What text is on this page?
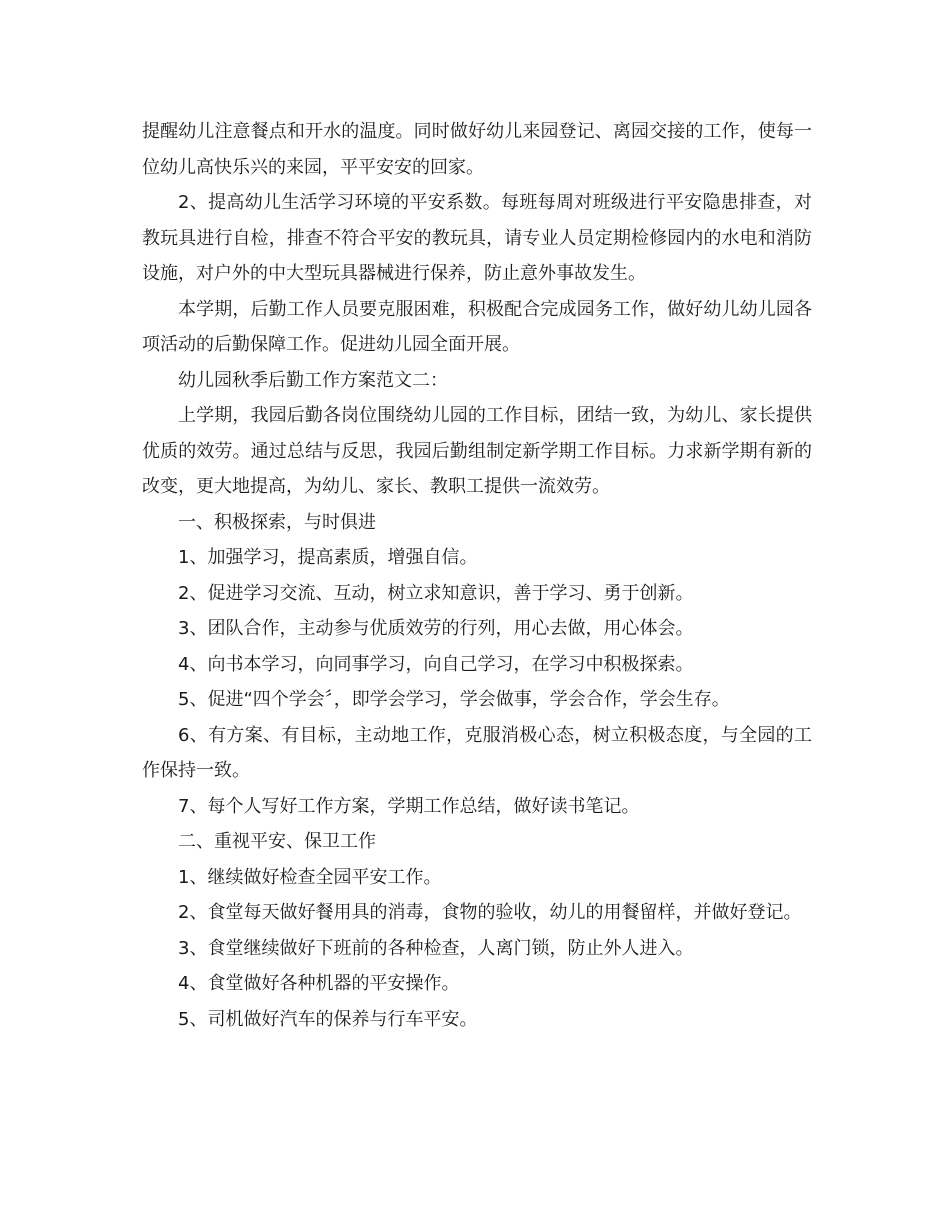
提醒幼儿注意餐点和开水的温度。同时做好幼儿来园登记、离园交接的工作，使每一位幼儿高快乐兴的来园，平平安安的回家。

2、提高幼儿生活学习环境的平安系数。每班每周对班级进行平安隐患排查，对教玩具进行自检，排查不符合平安的教玩具，请专业人员定期检修园内的水电和消防设施，对户外的中大型玩具器械进行保养，防止意外事故发生。

本学期，后勤工作人员要克服困难，积极配合完成园务工作，做好幼儿幼儿园各项活动的后勤保障工作。促进幼儿园全面开展。

幼儿园秋季后勤工作方案范文二：

上学期，我园后勤各岗位围绕幼儿园的工作目标，团结一致，为幼儿、家长提供优质的效劳。通过总结与反思，我园后勤组制定新学期工作目标。力求新学期有新的改变，更大地提高，为幼儿、家长、教职工提供一流效劳。

一、积极探索，与时俱进

1、加强学习，提高素质，增强自信。

2、促进学习交流、互动，树立求知意识，善于学习、勇于创新。

3、团队合作，主动参与优质效劳的行列，用心去做，用心体会。

4、向书本学习，向同事学习，向自己学习，在学习中积极探索。

5、促进“四个学会〞，即学会学习，学会做事，学会合作，学会生存。

6、有方案、有目标，主动地工作，克服消极心态，树立积极态度，与全园的工作保持一致。

7、每个人写好工作方案，学期工作总结，做好读书笔记。

二、重视平安、保卫工作

1、继续做好检查全园平安工作。

2、食堂每天做好餐用具的消毒，食物的验收，幼儿的用餐留样，并做好登记。

3、食堂继续做好下班前的各种检查，人离门锁，防止外人进入。

4、食堂做好各种机器的平安操作。

5、司机做好汽车的保养与行车平安。
